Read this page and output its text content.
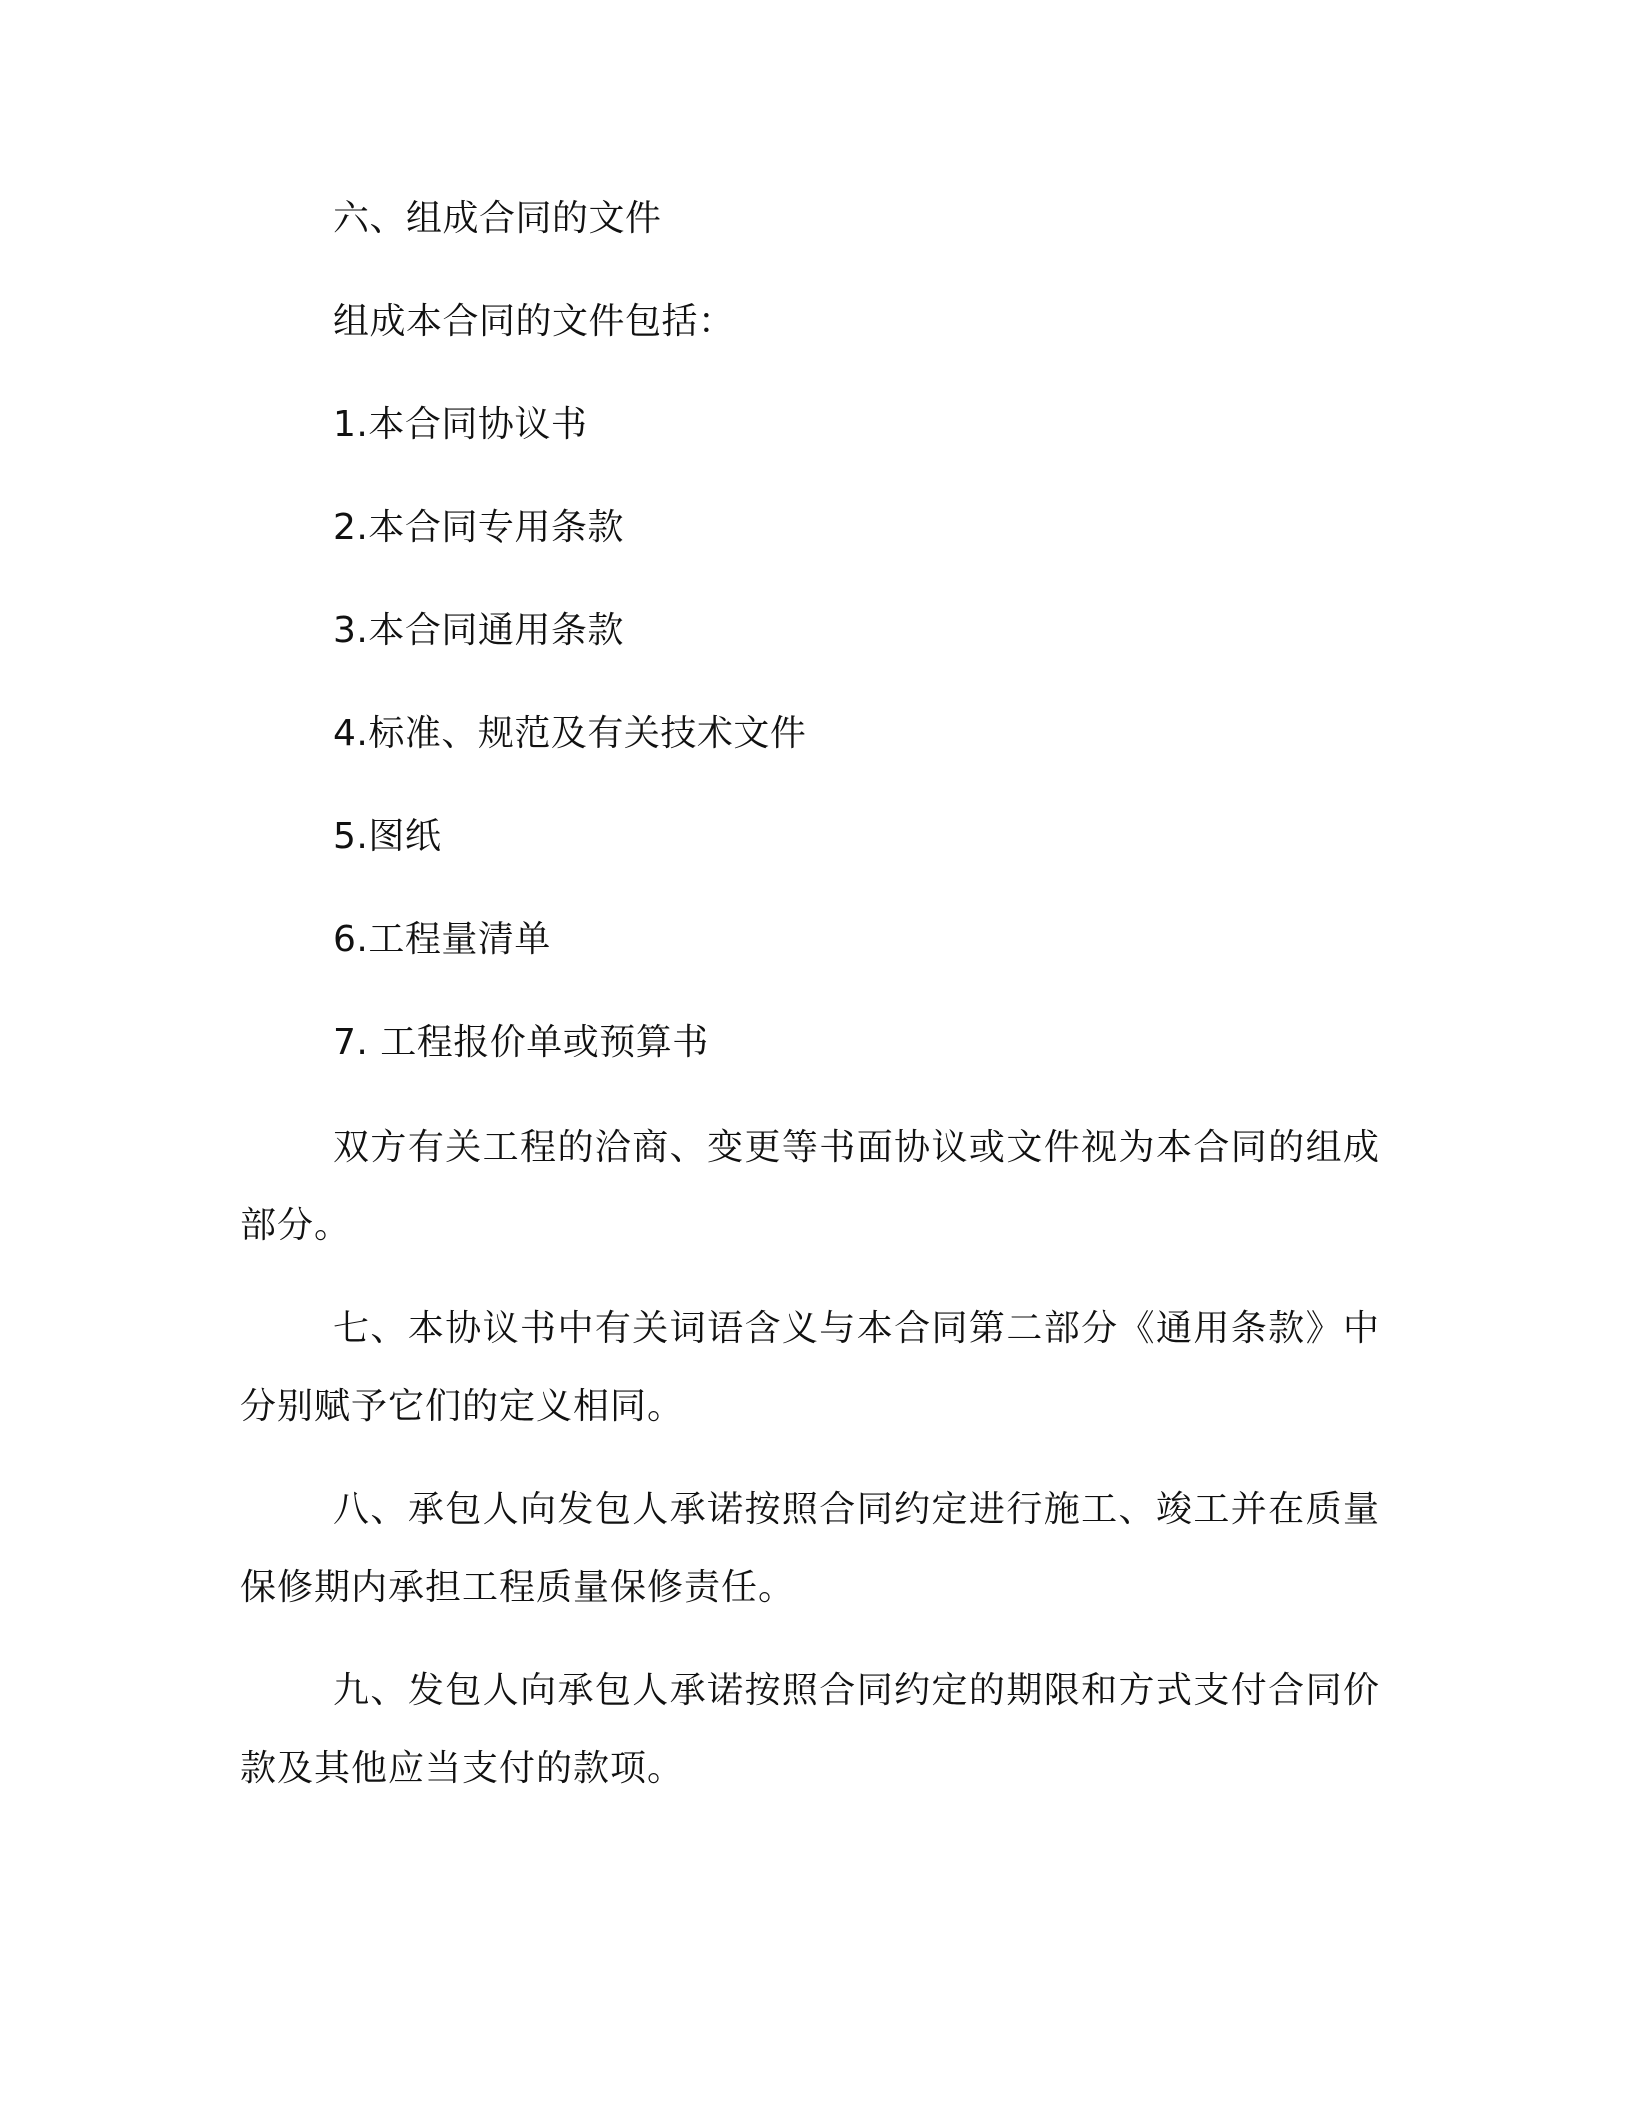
六、组成合同的文件
组成本合同的文件包括：
1.本合同协议书
2.本合同专用条款
3.本合同通用条款
4.标准、规范及有关技术文件
5.图纸
6.工程量清单
7. 工程报价单或预算书
双方有关工程的洽商、变更等书面协议或文件视为本合同的组成部分。
七、本协议书中有关词语含义与本合同第二部分《通用条款》中分别赋予它们的定义相同。
八、承包人向发包人承诺按照合同约定进行施工、竣工并在质量保修期内承担工程质量保修责任。
九、发包人向承包人承诺按照合同约定的期限和方式支付合同价款及其他应当支付的款项。
